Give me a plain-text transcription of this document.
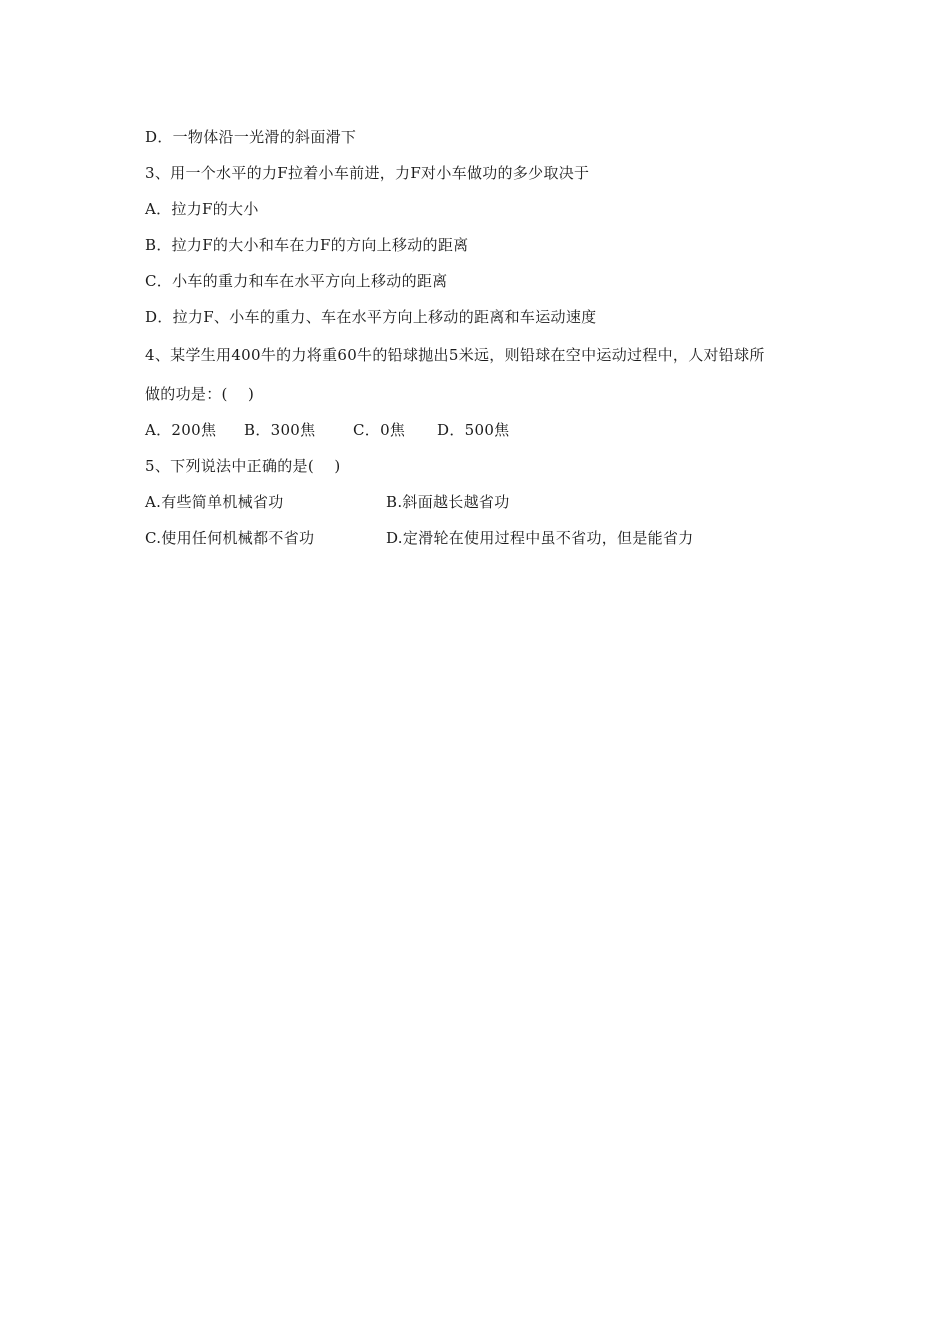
D．一物体沿一光滑的斜面滑下
3、用一个水平的力F拉着小车前进，力F对小车做功的多少取决于
A．拉力F的大小
B．拉力F的大小和车在力F的方向上移动的距离
C．小车的重力和车在水平方向上移动的距离
D．拉力F、小车的重力、车在水平方向上移动的距离和车运动速度
4、某学生用400牛的力将重60牛的铅球抛出5米远，则铅球在空中运动过程中，人对铅球所
做的功是：(　 )
A．200焦	B．300焦	C．0焦	D．500焦
5、下列说法中正确的是(　 )
A.有些简单机械省功	B.斜面越长越省功
C.使用任何机械都不省功	D.定滑轮在使用过程中虽不省功，但是能省力
